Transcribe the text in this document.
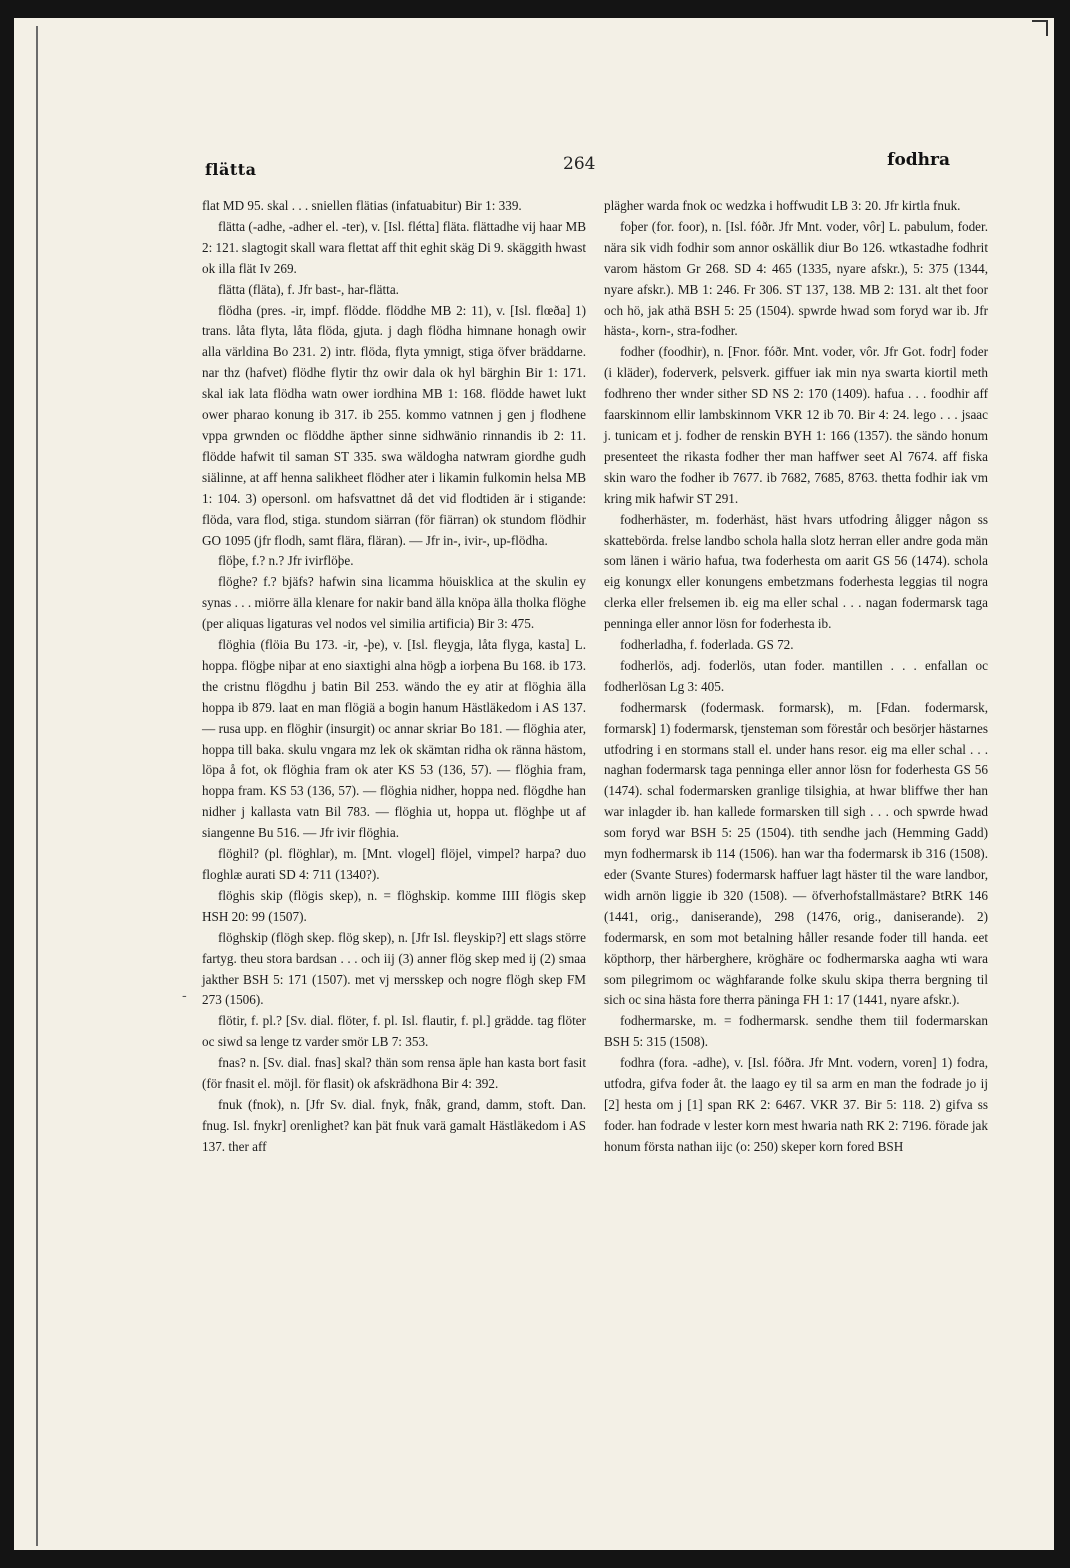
flätta	264	fodhra
-

flat MD 95. skal . . . sniellen flätias (infatuabitur) Bir 1: 339.

flätta (-adhe, -adher el. -ter), v. [Isl. flétta] fläta. flättadhe vij haar MB 2: 121. slagtogit skall wara flettat aff thit eghit skäg Di 9. skäggith hwast ok illa flät Iv 269.

flätta (fläta), f. Jfr bast-, har-flätta.

flödha (pres. -ir, impf. flödde. flöddhe MB 2: 11), v. [Isl. flœða] 1) trans. låta flyta, låta flöda, gjuta. j dagh flödha himnane honagh owir alla världina Bo 231. 2) intr. flöda, flyta ymnigt, stiga öfver bräddarne. nar thz (hafvet) flödhe flytir thz owir dala ok hyl bärghin Bir 1: 171. skal iak lata flödha watn ower iordhina MB 1: 168. flödde hawet lukt ower pharao konung ib 317. ib 255. kommo vatnnen j gen j flodhene vppa grwnden oc flöddhe äpther sinne sidhwänio rinnandis ib 2: 11. flödde hafwit til saman ST 335. swa wäldogha natwram giordhe gudh siälinne, at aff henna salikheet flödher ater i likamin fulkomin helsa MB 1: 104. 3) opersonl. om hafsvattnet då det vid flodtiden är i stigande: flöda, vara flod, stiga. stundom siärran (för fiärran) ok stundom flödhir GO 1095 (jfr flodh, samt flära, fläran). — Jfr in-, ivir-, up-flödha.

flöþe, f.? n.? Jfr ivirflöþe.

flöghe? f.? bjäfs? hafwin sina licamma höuisklica at the skulin ey synas . . . miörre älla klenare for nakir band älla knöpa älla tholka flöghe (per aliquas ligaturas vel nodos vel similia artificia) Bir 3: 475.

flöghia (flöia Bu 173. -ir, -þe), v. [Isl. fleygja, låta flyga, kasta] L. hoppa. flögþe niþar at eno siaxtighi alna högþ a iorþena Bu 168. ib 173. the cristnu flögdhu j batin Bil 253. wändo the ey atir at flöghia älla hoppa ib 879. laat en man flögiä a bogin hanum Hästläkedom i AS 137. — rusa upp. en flöghir (insurgit) oc annar skriar Bo 181. — flöghia ater, hoppa till baka. skulu vngara mz lek ok skämtan ridha ok ränna hästom, löpa å fot, ok flöghia fram ok ater KS 53 (136, 57). — flöghia fram, hoppa fram. KS 53 (136, 57). — flöghia nidher, hoppa ned. flögdhe han nidher j kallasta vatn Bil 783. — flöghia ut, hoppa ut. flöghþe ut af siangenne Bu 516. — Jfr ivir flöghia.

flöghil? (pl. flöghlar), m. [Mnt. vlogel] flöjel, vimpel? harpa? duo floghlæ aurati SD 4: 711 (1340?).

flöghis skip (flögis skep), n. = flöghskip. komme IIII flögis skep HSH 20: 99 (1507).

flöghskip (flögh skep. flög skep), n. [Jfr Isl. fleyskip?] ett slags större fartyg. theu stora bardsan . . . och iij (3) anner flög skep med ij (2) smaa jakther BSH 5: 171 (1507). met vj mersskep och nogre flögh skep FM 273 (1506).

flötir, f. pl.? [Sv. dial. flöter, f. pl. Isl. flautir, f. pl.] grädde. tag flöter oc siwd sa lenge tz varder smör LB 7: 353.

fnas? n. [Sv. dial. fnas] skal? thän som rensa äple han kasta bort fasit (för fnasit el. möjl. för flasit) ok afskrädhona Bir 4: 392.

fnuk (fnok), n. [Jfr Sv. dial. fnyk, fnåk, grand, damm, stoft. Dan. fnug. Isl. fnykr] orenlighet? kan þät fnuk varä gamalt Hästläkedom i AS 137. ther aff

plägher warda fnok oc wedzka i hoffwudit LB 3: 20. Jfr kirtla fnuk.

foþer (for. foor), n. [Isl. fóðr. Jfr Mnt. voder, vôr] L. pabulum, foder. nära sik vidh fodhir som annor oskällik diur Bo 126. wtkastadhe fodhrit varom hästom Gr 268. SD 4: 465 (1335, nyare afskr.), 5: 375 (1344, nyare afskr.). MB 1: 246. Fr 306. ST 137, 138. MB 2: 131. alt thet foor och hö, jak athä BSH 5: 25 (1504). spwrde hwad som foryd war ib. Jfr hästa-, korn-, stra-fodher.

fodher (foodhir), n. [Fnor. fóðr. Mnt. voder, vôr. Jfr Got. fodr] foder (i kläder), foderverk, pelsverk. giffuer iak min nya swarta kiortil meth fodhreno ther wnder sither SD NS 2: 170 (1409). hafua . . . foodhir aff faarskinnom ellir lambskinnom VKR 12 ib 70. Bir 4: 24. lego . . . jsaac j. tunicam et j. fodher de renskin BYH 1: 166 (1357). the sändo honum presenteet the rikasta fodher ther man haffwer seet Al 7674. aff fiska skin waro the fodher ib 7677. ib 7682, 7685, 8763. thetta fodhir iak vm kring mik hafwir ST 291.

fodherhäster, m. foderhäst, häst hvars utfodring åligger någon ss skattebörda. frelse landbo schola halla slotz herran eller andre goda män som länen i wärio hafua, twa foderhesta om aarit GS 56 (1474). schola eig konungx eller konungens embetzmans foderhesta leggias til nogra clerka eller frelsemen ib. eig ma eller schal . . . nagan fodermarsk taga penninga eller annor lösn for foderhesta ib.

fodherladha, f. foderlada. GS 72.

fodherlös, adj. foderlös, utan foder. mantillen . . . enfallan oc fodherlösan Lg 3: 405.

fodhermarsk (fodermask. formarsk), m. [Fdan. fodermarsk, formarsk] 1) fodermarsk, tjensteman som förestår och besörjer hästarnes utfodring i en stormans stall el. under hans resor. eig ma eller schal . . . naghan fodermarsk taga penninga eller annor lösn for foderhesta GS 56 (1474). schal fodermarsken granlige tilsighia, at hwar bliffwe ther han war inlagder ib. han kallede formarsken till sigh . . . och spwrde hwad som foryd war BSH 5: 25 (1504). tith sendhe jach (Hemming Gadd) myn fodhermarsk ib 114 (1506). han war tha fodermarsk ib 316 (1508). eder (Svante Stures) fodermarsk haffuer lagt häster til the ware landbor, widh arnön liggie ib 320 (1508). — öfverhofstallmästare? BtRK 146 (1441, orig., daniserande), 298 (1476, orig., daniserande). 2) fodermarsk, en som mot betalning håller resande foder till handa. eet köpthorp, ther härberghere, kröghäre oc fodhermarska aagha wti wara som pilegrimom oc wäghfarande folke skulu skipa therra bergning til sich oc sina hästa fore therra päninga FH 1: 17 (1441, nyare afskr.).

fodhermarske, m. = fodhermarsk. sendhe them tiil fodermarskan BSH 5: 315 (1508).

fodhra (fora. -adhe), v. [Isl. fóðra. Jfr Mnt. vodern, voren] 1) fodra, utfodra, gifva foder åt. the laago ey til sa arm en man the fodrade jo ij [2] hesta om j [1] span RK 2: 6467. VKR 37. Bir 5: 118. 2) gifva ss foder. han fodrade v lester korn mest hwaria nath RK 2: 7196. förade jak honum första nathan iijc (o: 250) skeper korn fored BSH
